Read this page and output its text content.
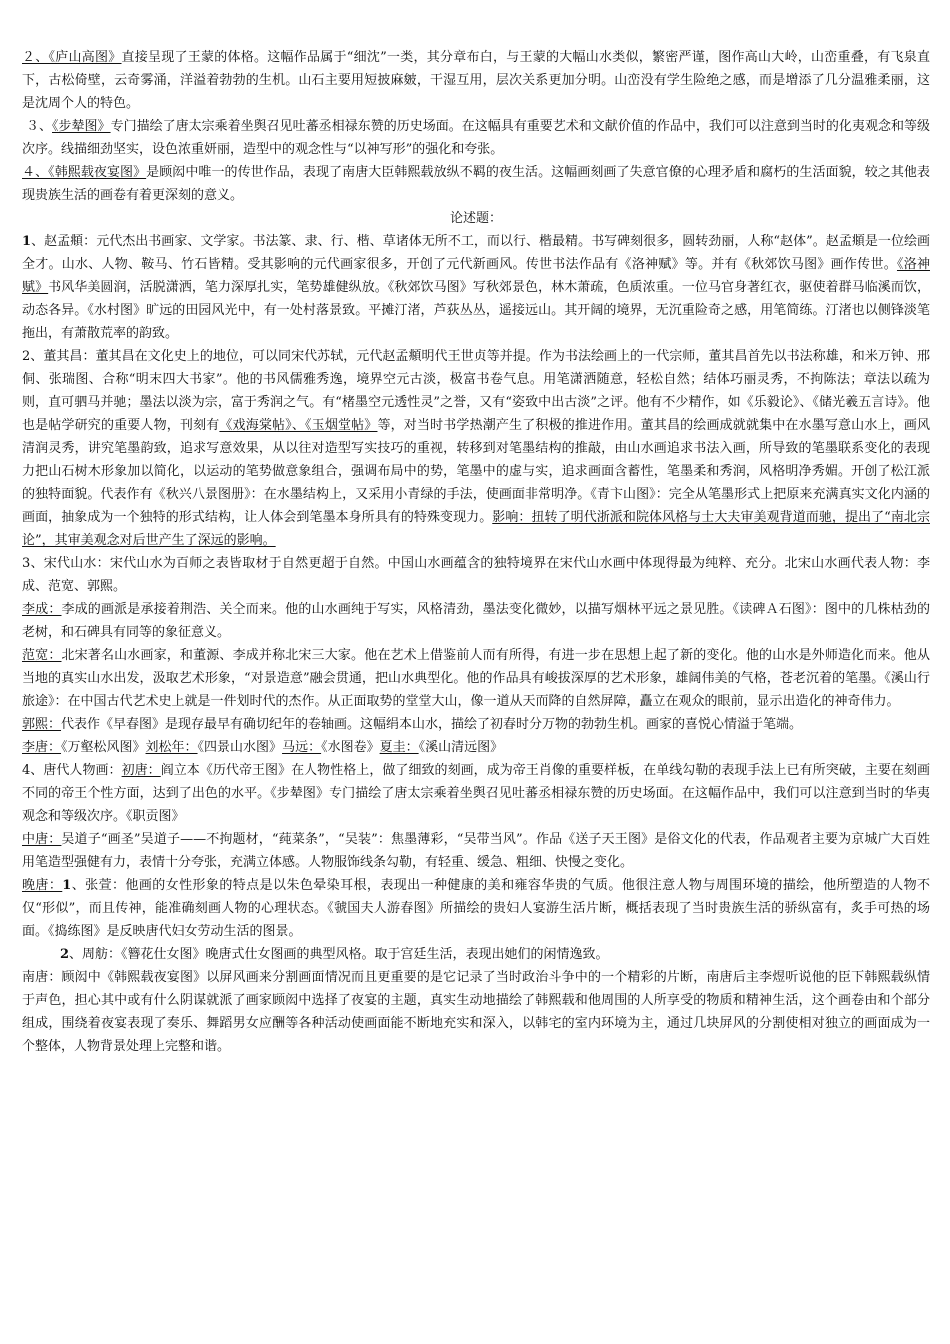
２、《庐山高图》直接呈现了王蒙的体格。这幅作品属于“细沈”一类，其分章布白，与王蒙的大幅山水类似，繁密严谨，图作高山大岭，山峦重叠，有飞泉直下，古松倚壁，云奇雾涌，洋溢着勃勃的生机。山石主要用短披麻皴，干湿互用，层次关系更加分明。山峦没有学生险绝之感，而是增添了几分温雅柔丽，这是沈周个人的特色。

３、《步辇图》专门描绘了唐太宗乘着坐舆召见吐蕃丞相禄东赞的历史场面。在这幅具有重要艺术和文献价值的作品中，我们可以注意到当时的化夷观念和等级次序。线描细劲坚实，设色浓重妍丽，造型中的观念性与“以神写形”的强化和夸张。

４、《韩熙载夜宴图》是顾闳中唯一的传世作品，表现了南唐大臣韩熙载放纵不羁的夜生活。这幅画刻画了失意官僚的心理矛盾和腐朽的生活面貌，较之其他表现贵族生活的画卷有着更深刻的意义。

论述题：

1、赵孟頫：元代杰出书画家、文学家。书法篆、隶、行、楷、草诸体无所不工，而以行、楷最精。书写碑刻很多，圆转劲丽，人称“赵体”。赵孟頫是一位绘画全才。山水、人物、鞍马、竹石皆精。受其影响的元代画家很多，开创了元代新画风。传世书法作品有《洛神赋》等。并有《秋郊饮马图》画作传世。《洛神赋》书风华美圆润，活脱潇洒，笔力深厚扎实，笔势雄健纵放。《秋郊饮马图》写秋郊景色，林木萧疏，色质浓重。一位马官身著红衣，驱使着群马临溪而饮，动态各异。《水村图》旷远的田园风光中，有一处村落景致。平摊汀渚，芦荻丛丛，遥接远山。其开阔的境界，无沉重险奇之感，用笔简练。汀渚也以侧锋淡笔拖出，有萧散荒率的韵致。

2、董其昌：董其昌在文化史上的地位，可以同宋代苏轼，元代赵孟頫明代王世贞等并提。作为书法绘画上的一代宗师，董其昌首先以书法称雄，和米万钟、邢侗、张瑞图、合称“明末四大书家”。他的书风儒雅秀逸，境界空元古淡，极富书卷气息。用笔潇洒随意，轻松自然；结体巧丽灵秀，不拘陈法；章法以疏为则，直可驷马并驰；墨法以淡为宗，富于秀润之气。有“楮墨空元透性灵”之誉，又有“姿致中出古淡”之评。他有不少精作，如《乐毅论》、《储光羲五言诗》。他也是帖学研究的重要人物，刊刻有《戏海棠帖》、《玉烟堂帖》等，对当时书学热潮产生了积极的推进作用。董其昌的绘画成就就集中在水墨写意山水上，画风清润灵秀，讲究笔墨韵致，追求写意效果，从以往对造型写实技巧的重视，转移到对笔墨结构的推敲，由山水画追求书法入画，所导致的笔墨联系变化的表现力把山石树木形象加以简化，以运动的笔势做意象组合，强调布局中的势，笔墨中的虚与实，追求画面含蓄性，笔墨柔和秀润，风格明净秀媚。开创了松江派的独特面貌。代表作有《秋兴八景图册》：在水墨结构上，又采用小青绿的手法，使画面非常明净。《青卞山图》：完全从笔墨形式上把原来充满真实文化内涵的画面，抽象成为一个独特的形式结构，让人体会到笔墨本身所具有的特殊变现力。影响：扭转了明代浙派和院体风格与士大夫审美观背道而驰，提出了“南北宗论”，其审美观念对后世产生了深远的影响。

3、宋代山水：宋代山水为百师之表皆取材于自然更超于自然。中国山水画蕴含的独特境界在宋代山水画中体现得最为纯粹、充分。北宋山水画代表人物：李成、范宽、郭熙。

李成：李成的画派是承接着荆浩、关仝而来。他的山水画纯于写实，风格清劲，墨法变化微妙，以描写烟林平远之景见胜。《读碑Ａ石图》：图中的几株枯劲的老树，和石碑具有同等的象征意义。

范宽：北宋著名山水画家，和董源、李成并称北宋三大家。他在艺术上借鉴前人而有所得，有进一步在思想上起了新的变化。他的山水是外师造化而来。他从当地的真实山水出发，汲取艺术形象，“对景造意”融会贯通，把山水典型化。他的作品具有峻拔深厚的艺术形象，雄阔伟美的气格，苍老沉着的笔墨。《溪山行旅途》：在中国古代艺术史上就是一件划时代的杰作。从正面取势的堂堂大山，像一道从天而降的自然屏障，矗立在观众的眼前，显示出造化的神奇伟力。

郭熙：代表作《早春图》是现存最早有确切纪年的卷轴画。这幅绢本山水，描绘了初春时分万物的勃勃生机。画家的喜悦心情溢于笔端。

李唐：《万壑松风图》刘松年：《四景山水图》马远：《水图卷》夏圭：《溪山清远图》

4、唐代人物画：初唐：阎立本《历代帝王图》在人物性格上，做了细致的刻画，成为帝王肖像的重要样板，在单线勾勒的表现手法上已有所突破，主要在刻画不同的帝王个性方面，达到了出色的水平。《步辇图》专门描绘了唐太宗乘着坐舆召见吐蕃丞相禄东赞的历史场面。在这幅作品中，我们可以注意到当时的华夷观念和等级次序。《职贡图》

中唐：吴道子“画圣”吴道子——不拘题材，“莼菜条”，“吴装”：焦墨薄彩，“吴带当风”。作品《送子天王图》是俗文化的代表，作品观者主要为京城广大百姓用笔造型强健有力，表情十分夸张，充满立体感。人物服饰线条勾勒，有轻重、缓急、粗细、快慢之变化。

晚唐：1、张萱：他画的女性形象的特点是以朱色晕染耳根，表现出一种健康的美和雍容华贵的气质。他很注意人物与周围环境的描绘，他所塑造的人物不仅“形似”，而且传神，能准确刻画人物的心理状态。《虢国夫人游春图》所描绘的贵妇人宴游生活片断，概括表现了当时贵族生活的骄纵富有，炙手可热的场面。《捣练图》是反映唐代妇女劳动生活的图景。

2、周舫：《簪花仕女图》晚唐式仕女图画的典型风格。取于宫廷生活，表现出她们的闲情逸致。

南唐：顾闳中《韩熙载夜宴图》以屏风画来分割画面情况而且更重要的是它记录了当时政治斗争中的一个精彩的片断，南唐后主李煜听说他的臣下韩熙载纵情于声色，担心其中或有什么阴谋就派了画家顾闳中选择了夜宴的主题，真实生动地描绘了韩熙载和他周围的人所享受的物质和精神生活，这个画卷由和个部分组成，围绕着夜宴表现了奏乐、舞蹈男女应酬等各种活动使画面能不断地充实和深入，以韩宅的室内环境为主，通过几块屏风的分割使相对独立的画面成为一个整体，人物背景处理上完整和谐。
